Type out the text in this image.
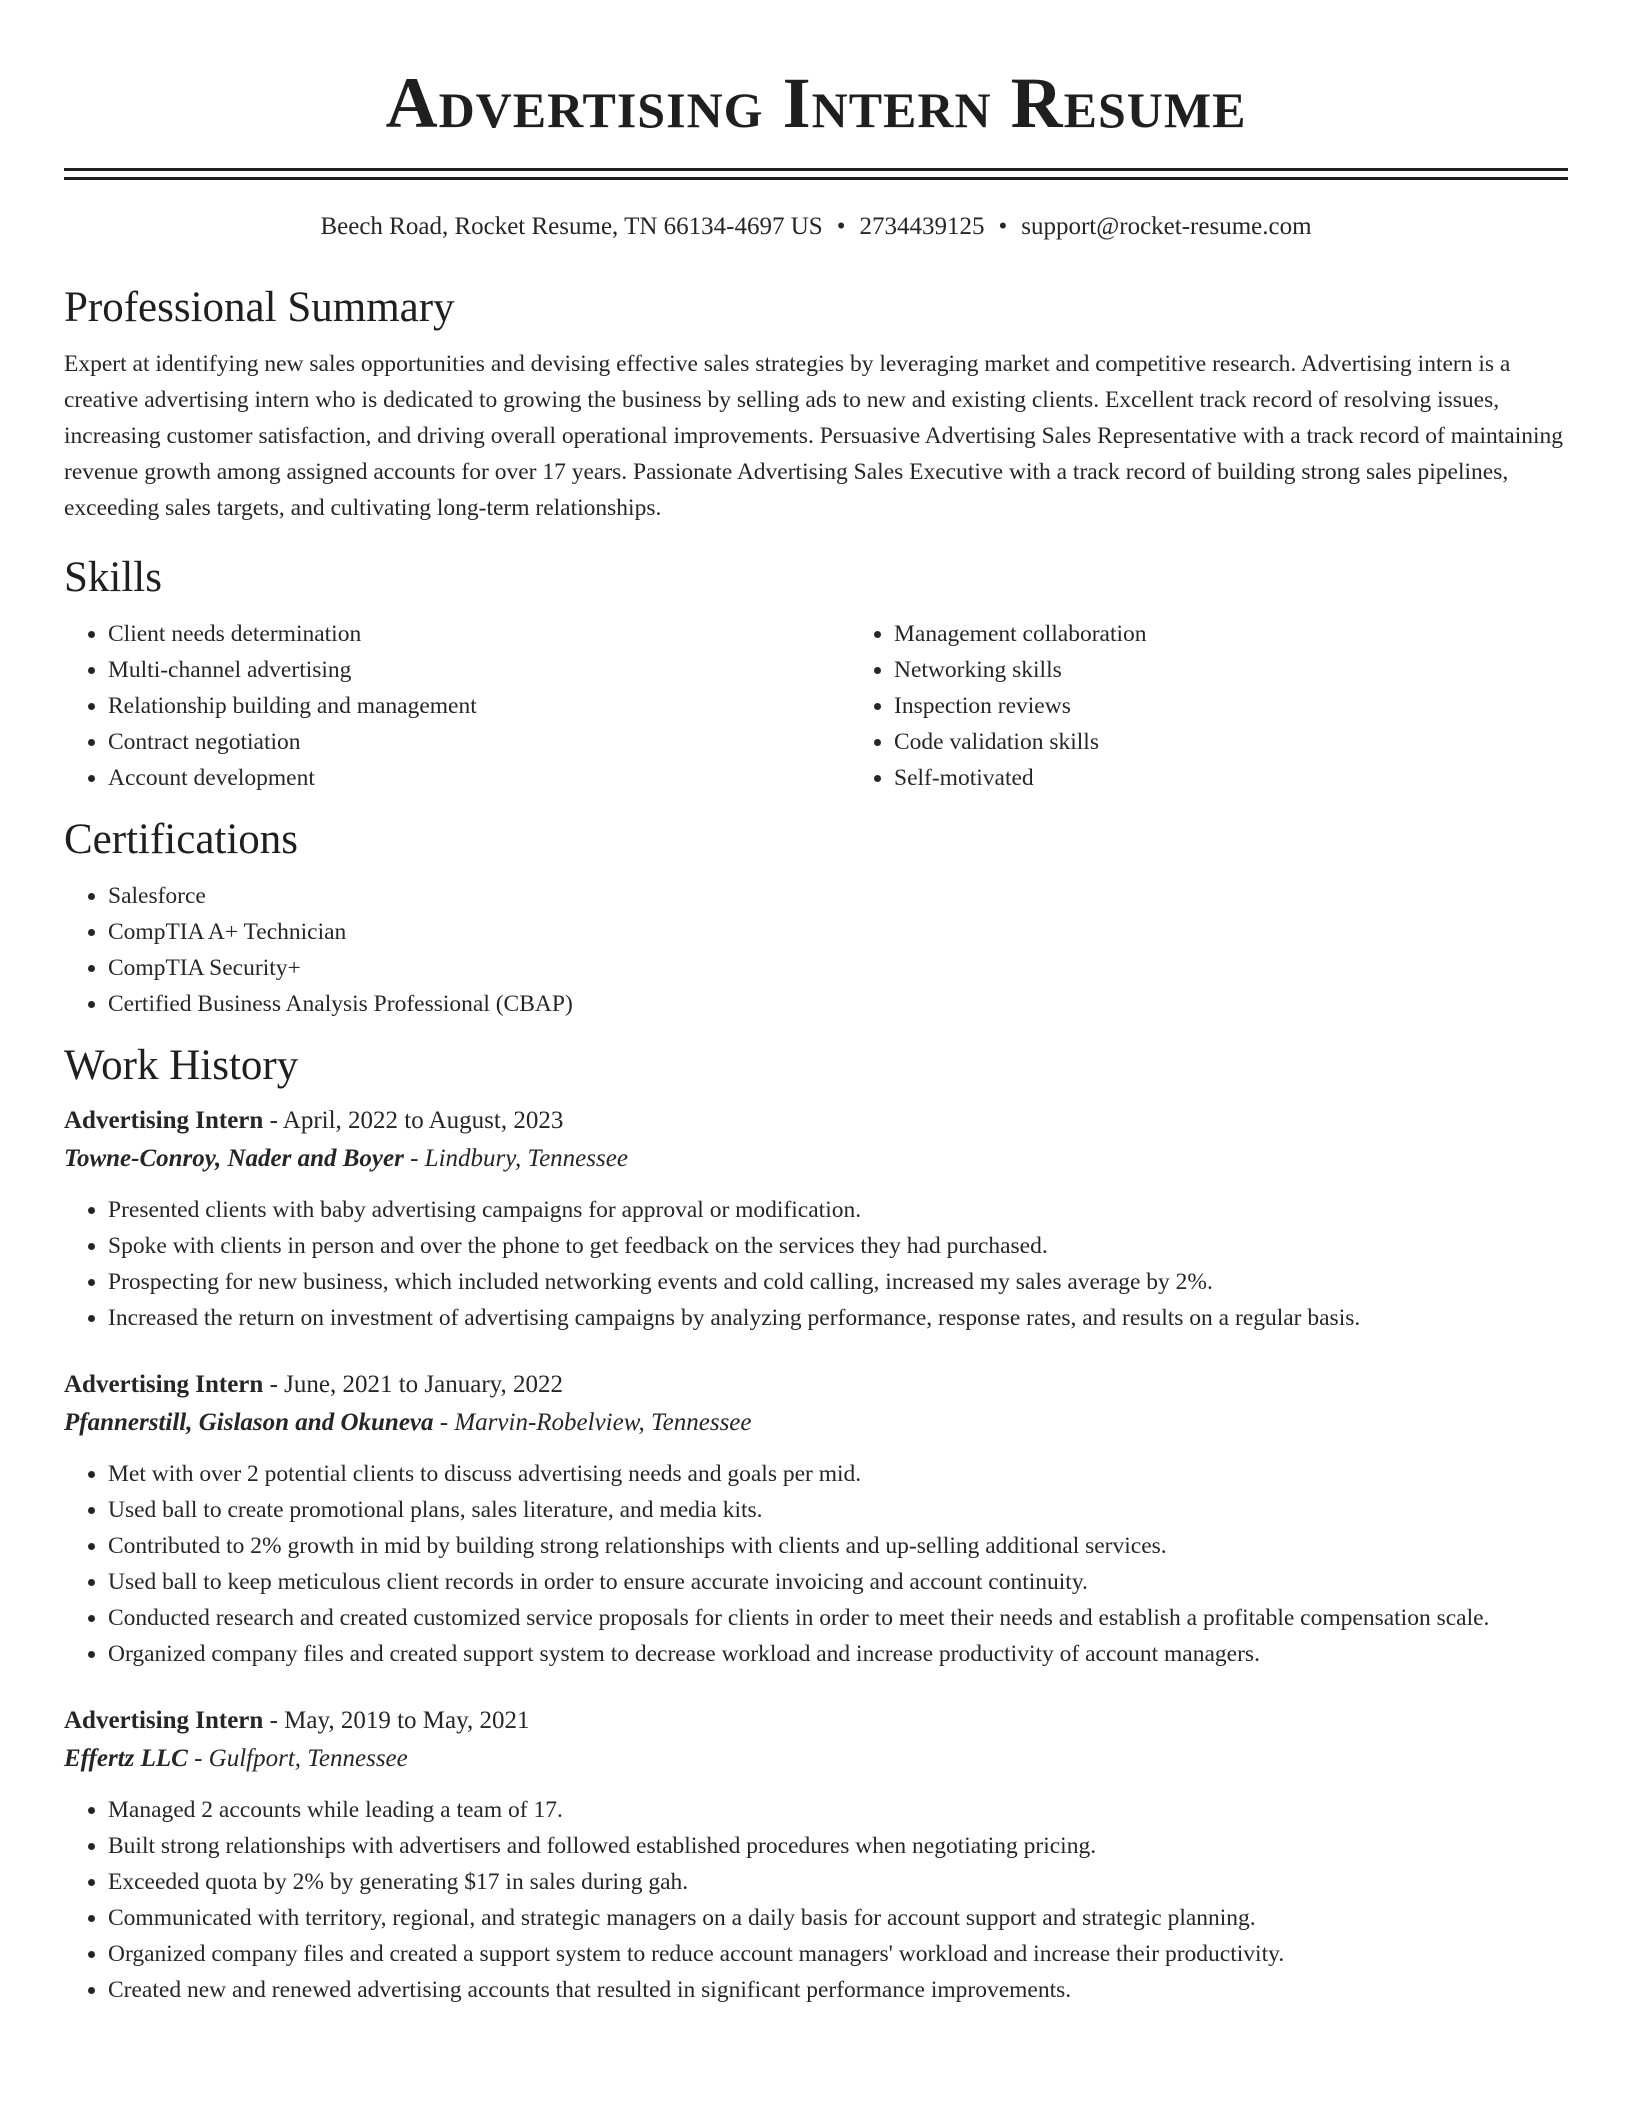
Advertising Intern Resume
Beech Road, Rocket Resume, TN 66134-4697 US • 2734439125 • support@rocket-resume.com
Professional Summary
Expert at identifying new sales opportunities and devising effective sales strategies by leveraging market and competitive research. Advertising intern is a creative advertising intern who is dedicated to growing the business by selling ads to new and existing clients. Excellent track record of resolving issues, increasing customer satisfaction, and driving overall operational improvements. Persuasive Advertising Sales Representative with a track record of maintaining revenue growth among assigned accounts for over 17 years. Passionate Advertising Sales Executive with a track record of building strong sales pipelines, exceeding sales targets, and cultivating long-term relationships.
Skills
• Client needs determination
• Multi-channel advertising
• Relationship building and management
• Contract negotiation
• Account development
• Management collaboration
• Networking skills
• Inspection reviews
• Code validation skills
• Self-motivated
Certifications
• Salesforce
• CompTIA A+ Technician
• CompTIA Security+
• Certified Business Analysis Professional (CBAP)
Work History
Advertising Intern - April, 2022 to August, 2023
Towne-Conroy, Nader and Boyer - Lindbury, Tennessee
• Presented clients with baby advertising campaigns for approval or modification.
• Spoke with clients in person and over the phone to get feedback on the services they had purchased.
• Prospecting for new business, which included networking events and cold calling, increased my sales average by 2%.
• Increased the return on investment of advertising campaigns by analyzing performance, response rates, and results on a regular basis.
Advertising Intern - June, 2021 to January, 2022
Pfannerstill, Gislason and Okuneva - Marvin-Robelview, Tennessee
• Met with over 2 potential clients to discuss advertising needs and goals per mid.
• Used ball to create promotional plans, sales literature, and media kits.
• Contributed to 2% growth in mid by building strong relationships with clients and up-selling additional services.
• Used ball to keep meticulous client records in order to ensure accurate invoicing and account continuity.
• Conducted research and created customized service proposals for clients in order to meet their needs and establish a profitable compensation scale.
• Organized company files and created support system to decrease workload and increase productivity of account managers.
Advertising Intern - May, 2019 to May, 2021
Effertz LLC - Gulfport, Tennessee
• Managed 2 accounts while leading a team of 17.
• Built strong relationships with advertisers and followed established procedures when negotiating pricing.
• Exceeded quota by 2% by generating $17 in sales during gah.
• Communicated with territory, regional, and strategic managers on a daily basis for account support and strategic planning.
• Organized company files and created a support system to reduce account managers' workload and increase their productivity.
• Created new and renewed advertising accounts that resulted in significant performance improvements.
